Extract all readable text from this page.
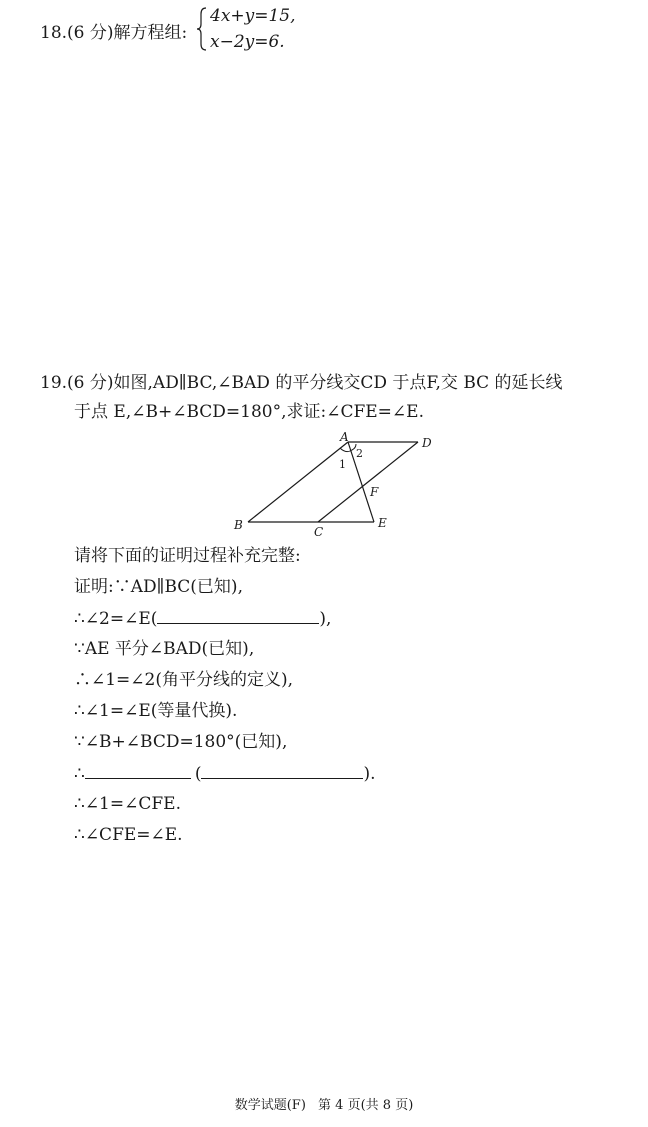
18.(6 分)解方程组:
4x+y=15,
x−2y=6.
19.(6 分)如图,AD∥BC,∠BAD 的平分线交CD 于点F,交 BC 的延长线
于点 E,∠B+∠BCD=180°,求证:∠CFE=∠E.
A	D
B	C
E
F
1
2
请将下面的证明过程补充完整:
证明:∵AD∥BC(已知),
∴∠2=∠E(	),
∵AE 平分∠BAD(已知),
∴∠1=∠2(角平分线的定义),
∴∠1=∠E(等量代换).
∵∠B+∠BCD=180°(已知),
∴	(	).
∴∠1=∠CFE.
∴∠CFE=∠E.
数学试题(F) 第 4 页(共 8 页)
